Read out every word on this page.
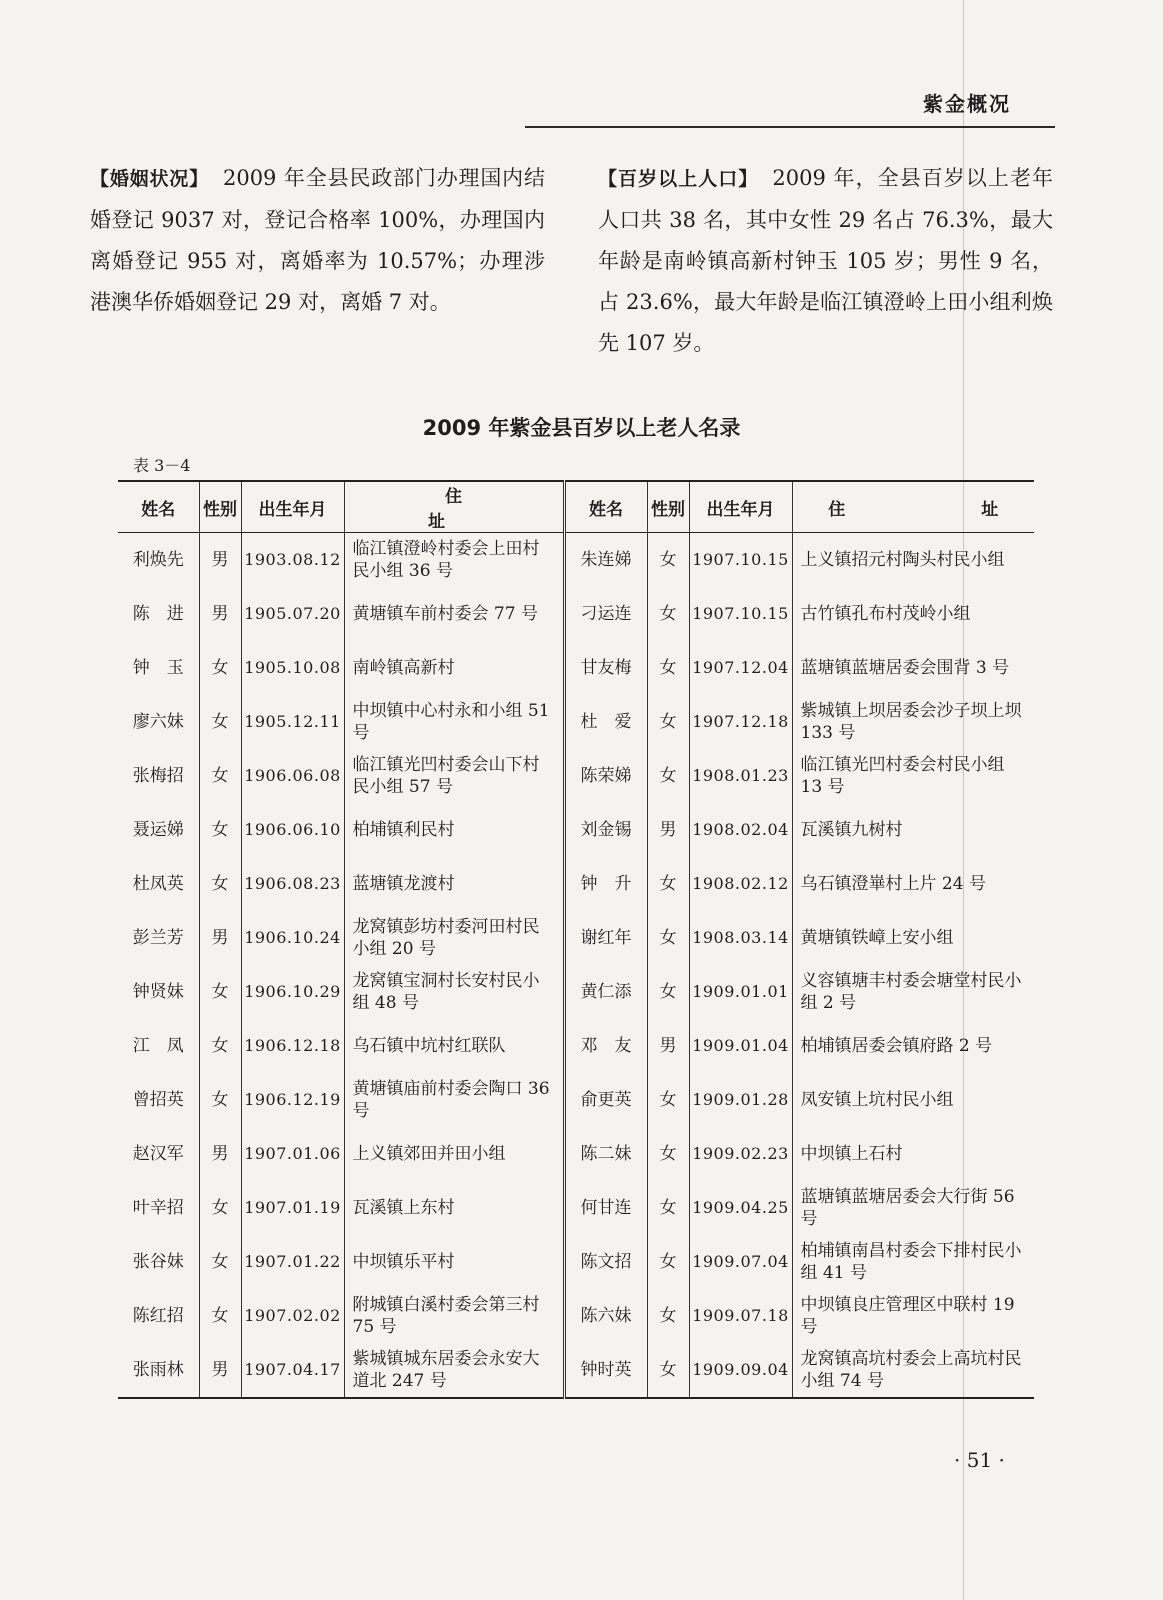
紫金概况
【婚姻状况】 2009 年全县民政部门办理国内结婚登记 9037 对，登记合格率 100%，办理国内离婚登记 955 对，离婚率为 10.57%；办理涉港澳华侨婚姻登记 29 对，离婚 7 对。
【百岁以上人口】 2009 年，全县百岁以上老年人口共 38 名，其中女性 29 名占 76.3%，最大年龄是南岭镇高新村钟玉 105 岁；男性 9 名，占 23.6%，最大年龄是临江镇澄岭上田小组利焕先 107 岁。
2009 年紫金县百岁以上老人名录
表 3－4
姓名	性别	出生年月	住　　址	姓名	性别	出生年月	住　　址
利焕先	男	1903.08.12	临江镇澄岭村委会上田村民小组 36 号	朱连娣	女	1907.10.15	上义镇招元村陶头村民小组
陈　进	男	1905.07.20	黄塘镇车前村委会 77 号	刁运连	女	1907.10.15	古竹镇孔布村茂岭小组
钟　玉	女	1905.10.08	南岭镇高新村	甘友梅	女	1907.12.04	蓝塘镇蓝塘居委会围背 3 号
廖六妹	女	1905.12.11	中坝镇中心村永和小组 51 号	杜　爱	女	1907.12.18	紫城镇上坝居委会沙子坝上坝 133 号
张梅招	女	1906.06.08	临江镇光凹村委会山下村民小组 57 号	陈荣娣	女	1908.01.23	临江镇光凹村委会村民小组 13 号
聂运娣	女	1906.06.10	柏埔镇利民村	刘金锡	男	1908.02.04	瓦溪镇九树村
杜凤英	女	1906.08.23	蓝塘镇龙渡村	钟　升	女	1908.02.12	乌石镇澄崋村上片 24 号
彭兰芳	男	1906.10.24	龙窝镇彭坊村委河田村民小组 20 号	谢红年	女	1908.03.14	黄塘镇铁嶂上安小组
钟贤妹	女	1906.10.29	龙窝镇宝洞村长安村民小组 48 号	黄仁添	女	1909.01.01	义容镇塘丰村委会塘堂村民小组 2 号
江　凤	女	1906.12.18	乌石镇中坑村红联队	邓　友	男	1909.01.04	柏埔镇居委会镇府路 2 号
曾招英	女	1906.12.19	黄塘镇庙前村委会陶口 36 号	俞更英	女	1909.01.28	凤安镇上坑村民小组
赵汉军	男	1907.01.06	上义镇郊田并田小组	陈二妹	女	1909.02.23	中坝镇上石村
叶辛招	女	1907.01.19	瓦溪镇上东村	何甘连	女	1909.04.25	蓝塘镇蓝塘居委会大行街 56 号
张谷妹	女	1907.01.22	中坝镇乐平村	陈文招	女	1909.07.04	柏埔镇南昌村委会下排村民小组 41 号
陈红招	女	1907.02.02	附城镇白溪村委会第三村 75 号	陈六妹	女	1909.07.18	中坝镇良庄管理区中联村 19 号
张雨林	男	1907.04.17	紫城镇城东居委会永安大道北 247 号	钟时英	女	1909.09.04	龙窝镇高坑村委会上高坑村民小组 74 号
· 51 ·
